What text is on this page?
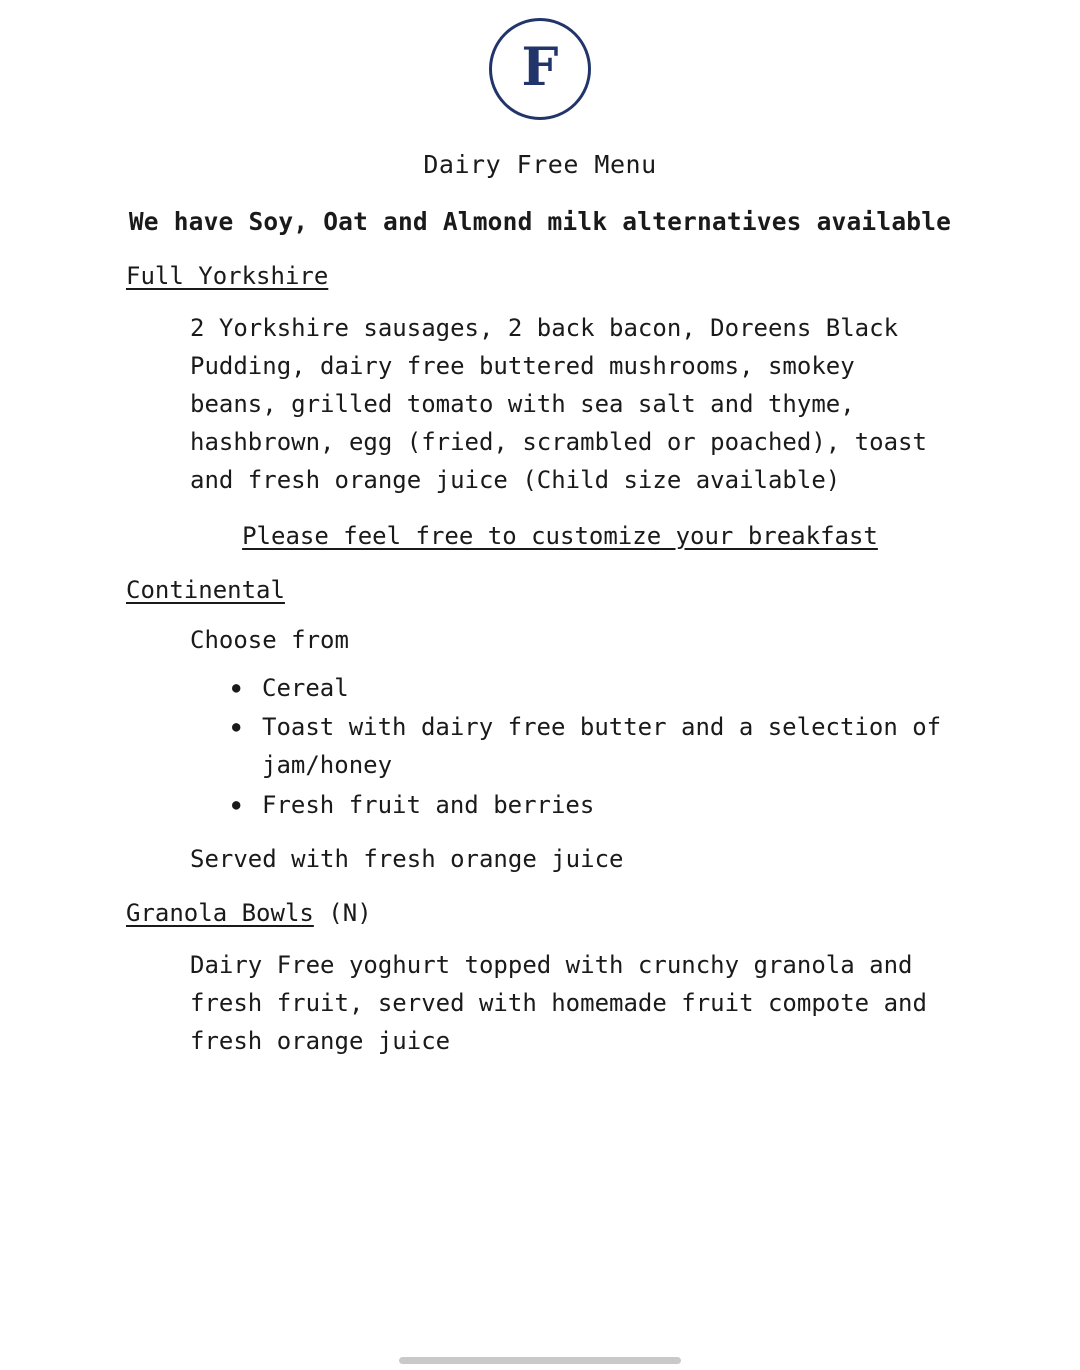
F
Dairy Free Menu
We have Soy, Oat and Almond milk alternatives available
Full Yorkshire
2 Yorkshire sausages, 2 back bacon, Doreens Black Pudding, dairy free buttered mushrooms, smokey beans, grilled tomato with sea salt and thyme, hashbrown, egg (fried, scrambled or poached), toast and fresh orange juice (Child size available)
Please feel free to customize your breakfast
Continental
Choose from
● Cereal
● Toast with dairy free butter and a selection of jam/honey
● Fresh fruit and berries
Served with fresh orange juice
Granola Bowls (N)
Dairy Free yoghurt topped with crunchy granola and fresh fruit, served with homemade fruit compote and fresh orange juice
